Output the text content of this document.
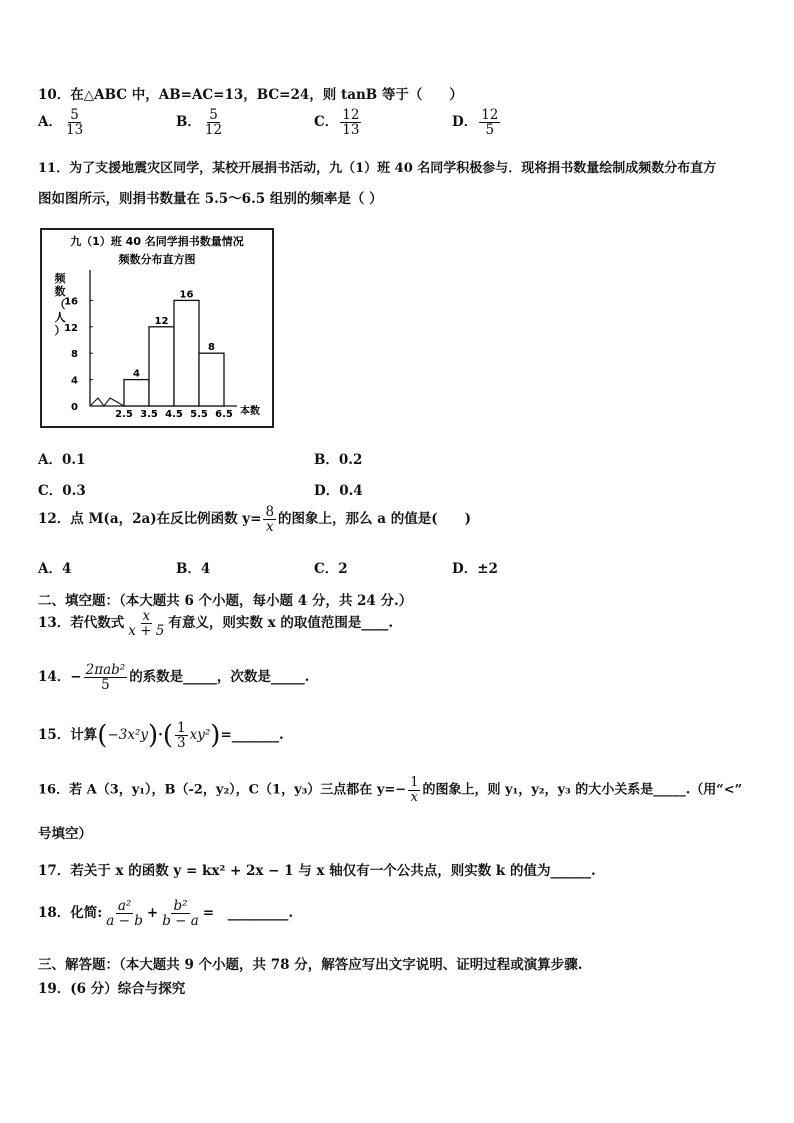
10．在△ABC 中，AB=AC=13，BC=24，则 tanB 等于（　　）
A． $\frac{5}{13}$	B． $\frac{5}{12}$	C． $\frac{12}{13}$	D． $\frac{12}{5}$
11．为了支援地震灾区同学，某校开展捐书活动，九（1）班 40 名同学积极参与．现将捐书数量绘制成频数分布直方
图如图所示，则捐书数量在 5.5～6.5 组别的频率是（ ）
九（1）班 40 名同学捐书数量情况
频数分布直方图
频
数
（
人
）
本数
0
4
8
12
16
2.5 3.5 4.5 5.5 6.5
4
12
16
8
A．0.1	B．0.2
C．0.3	D．0.4
12．点 M(a，2a)在反比例函数 $y= \frac{8}{x}$ 的图象上，那么 a 的值是(　　)
A．4	B．4	C．2	D．±2
二、填空题：（本大题共 6 个小题，每小题 4 分，共 24 分.）
13．若代数式 $\frac{x}{x + 5}$ 有意义，则实数 x 的取值范围是____.
14．− $\frac{\text{2πab²}}{5}$ 的系数是_____，次数是_____.
15．计算$(-3x^2y)\cdot( \frac{1}{3}$ xy²)=_______.
16．若 A（3，y₁），B（-2，y₂），C（1，y₃）三点都在 $y=- \frac{1}{x}$ 的图象上，则 y₁，y₂，y₃ 的大小关系是_____.（用“<”
号填空）
17．若关于 x 的函数 y = kx² + 2x − 1 与 x 轴仅有一个公共点，则实数 k 的值为______.
18．化简: $\frac{\text{a²}}{a - b} + \frac{\text{b²}}{b - a}$ =　_________.
三、解答题：（本大题共 9 个小题，共 78 分，解答应写出文字说明、证明过程或演算步骤.
19．(6 分）综合与探究
